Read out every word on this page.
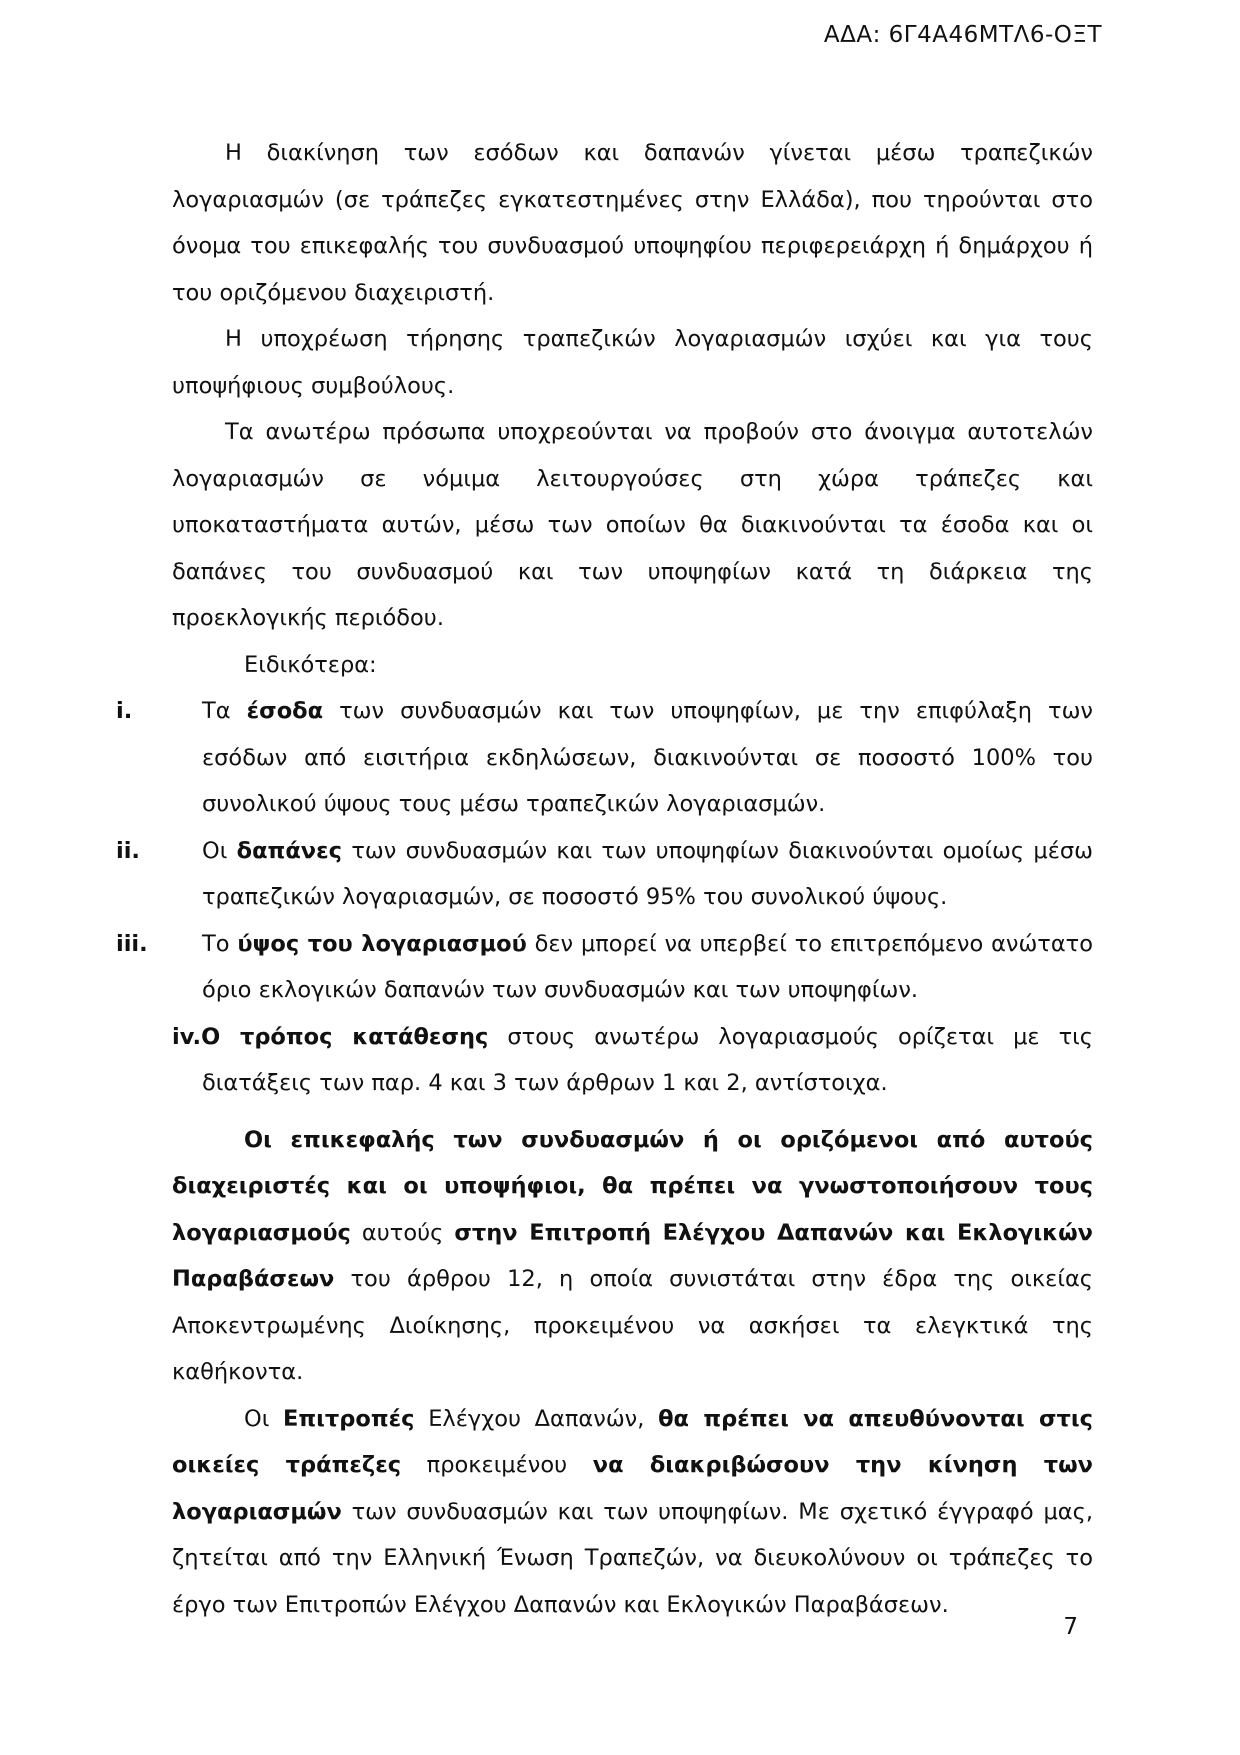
ΑΔΑ: 6Γ4Α46ΜΤΛ6-ΟΞΤ

Η διακίνηση των εσόδων και δαπανών γίνεται μέσω τραπεζικών λογαριασμών (σε τράπεζες εγκατεστημένες στην Ελλάδα), που τηρούνται στο όνομα του επικεφαλής του συνδυασμού υποψηφίου περιφερειάρχη ή δημάρχου ή του οριζόμενου διαχειριστή.

Η υποχρέωση τήρησης τραπεζικών λογαριασμών ισχύει και για τους υποψήφιους συμβούλους.

Τα ανωτέρω πρόσωπα υποχρεούνται να προβούν στο άνοιγμα αυτοτελών λογαριασμών σε νόμιμα λειτουργούσες στη χώρα τράπεζες και υποκαταστήματα αυτών, μέσω των οποίων θα διακινούνται τα έσοδα και οι δαπάνες του συνδυασμού και των υποψηφίων κατά τη διάρκεια της προεκλογικής περιόδου.

Ειδικότερα:

i.	Τα έσοδα των συνδυασμών και των υποψηφίων, με την επιφύλαξη των εσόδων από εισιτήρια εκδηλώσεων, διακινούνται σε ποσοστό 100% του συνολικού ύψους τους μέσω τραπεζικών λογαριασμών.
ii.	Οι δαπάνες των συνδυασμών και των υποψηφίων διακινούνται ομοίως μέσω τραπεζικών λογαριασμών, σε ποσοστό 95% του συνολικού ύψους.
iii.	Το ύψος του λογαριασμού δεν μπορεί να υπερβεί το επιτρεπόμενο ανώτατο όριο εκλογικών δαπανών των συνδυασμών και των υποψηφίων.
iv.Ο τρόπος κατάθεσης στους ανωτέρω λογαριασμούς ορίζεται με τις διατάξεις των παρ. 4 και 3 των άρθρων 1 και 2, αντίστοιχα.

Οι επικεφαλής των συνδυασμών ή οι οριζόμενοι από αυτούς διαχειριστές και οι υποψήφιοι, θα πρέπει να γνωστοποιήσουν τους λογαριασμούς αυτούς στην Επιτροπή Ελέγχου Δαπανών και Εκλογικών Παραβάσεων του άρθρου 12, η οποία συνιστάται στην έδρα της οικείας Αποκεντρωμένης Διοίκησης, προκειμένου να ασκήσει τα ελεγκτικά της καθήκοντα.

Οι Επιτροπές Ελέγχου Δαπανών, θα πρέπει να απευθύνονται στις οικείες τράπεζες προκειμένου να διακριβώσουν την κίνηση των λογαριασμών των συνδυασμών και των υποψηφίων. Με σχετικό έγγραφό μας, ζητείται από την Ελληνική Ένωση Τραπεζών, να διευκολύνουν οι τράπεζες το έργο των Επιτροπών Ελέγχου Δαπανών και Εκλογικών Παραβάσεων.

7
